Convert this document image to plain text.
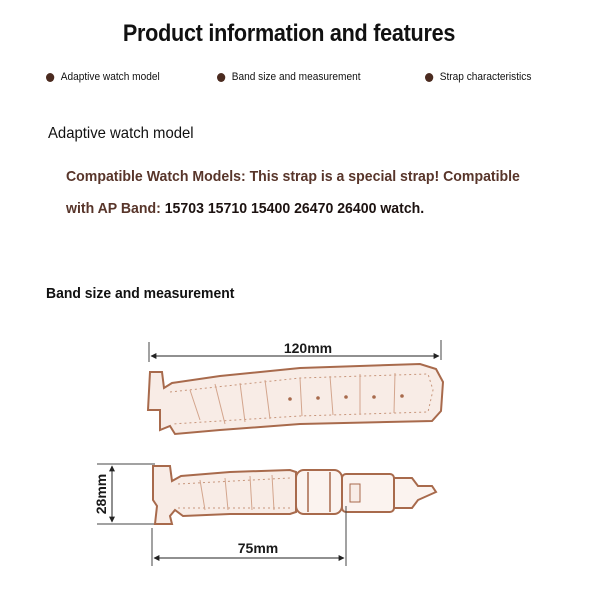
Product information and features
Adaptive watch model	Band size and measurement	Strap characteristics
Adaptive watch model
Compatible Watch Models: This strap is a special strap! Compatible
with AP Band: 15703 15710 15400 26470 26400 watch.
Band size and measurement
120mm
28mm
75mm
